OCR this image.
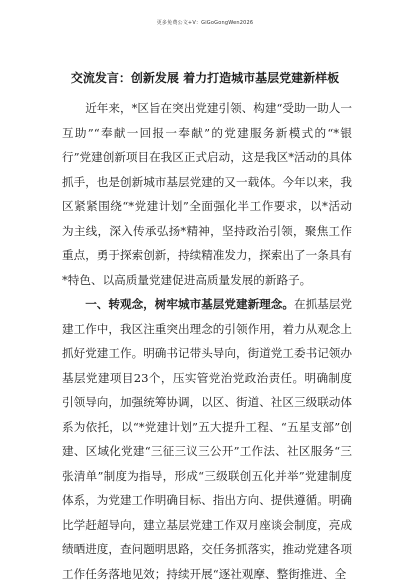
更多免费公文+V：GiGoGongWen2026
交流发言：创新发展 着力打造城市基层党建新样板

近年来，*区旨在突出党建引领、构建“受助一助人一互助”“奉献一回报一奉献”的党建服务新模式的“*银行”党建创新项目在我区正式启动，这是我区*活动的具体抓手，也是创新城市基层党建的又一载体。今年以来，我区紧紧围绕“*党建计划”全面强化半工作要求，以*活动为主线，深入传承弘扬*精神，坚持政治引领，聚焦工作重点，勇于探索创新，持续精准发力，探索出了一条具有*特色、以高质量党建促进高质量发展的新路子。

一、转观念，树牢城市基层党建新理念。在抓基层党建工作中，我区注重突出理念的引领作用，着力从观念上抓好党建工作。明确书记带头导向，街道党工委书记领办基层党建项目23个，压实管党治党政治责任。明确制度引领导向，加强统筹协调，以区、街道、社区三级联动体系为依托，以“*党建计划”五大提升工程、“五星支部”创建、区域化党建“三征三议三公开”工作法、社区服务“三张清单”制度为指导，形成“三级联创五化并举”党建制度体系，为党建工作明确目标、指出方向、提供遵循。明确比学赶超导向，建立基层党建工作双月座谈会制度，亮成绩晒进度，查问题明思路，交任务抓落实，推动党建各项工作任务落地见效；持续开展“逐社观摩、整街推进、全
